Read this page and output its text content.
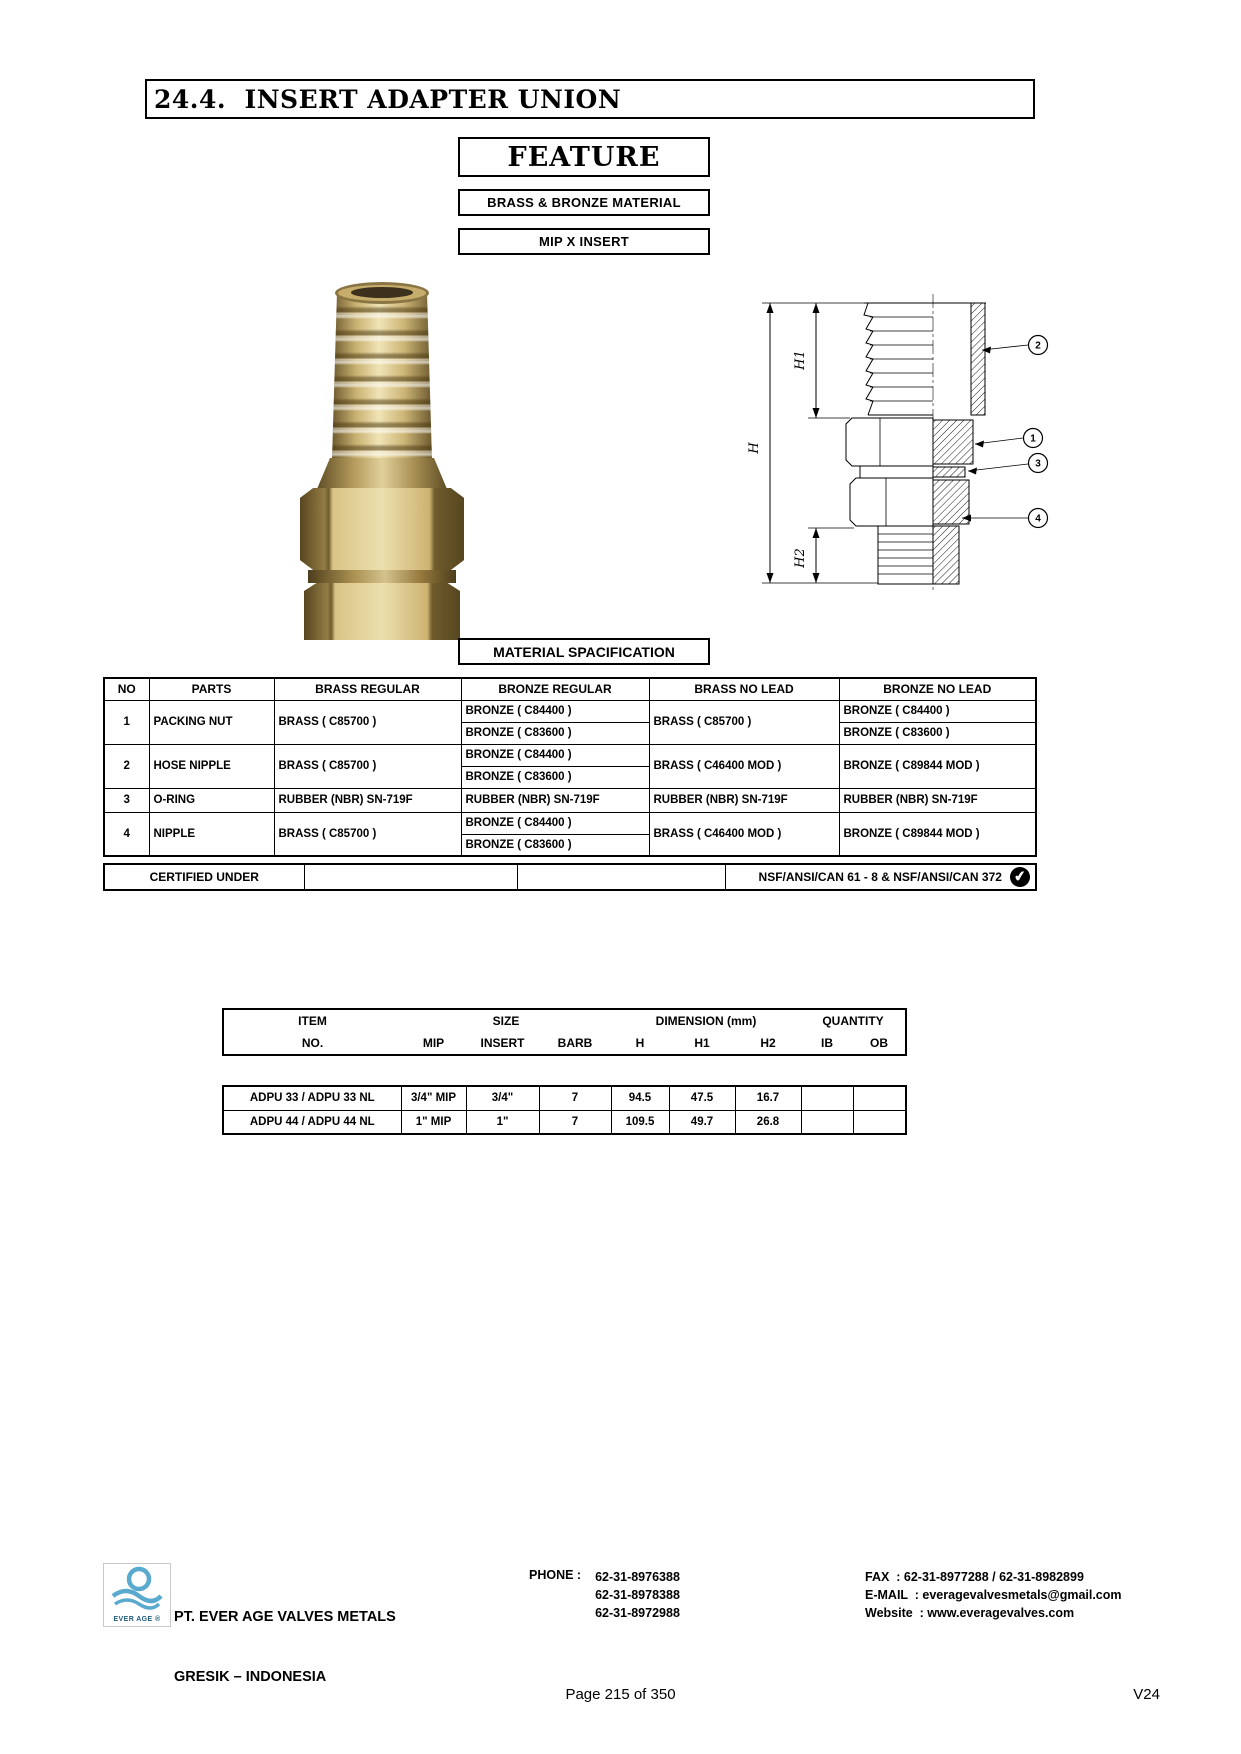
24.4.  INSERT ADAPTER UNION
FEATURE
BRASS & BRONZE MATERIAL
MIP X INSERT
H
H1
H2
2
1
3
4
MATERIAL SPACIFICATION
NO	PARTS	BRASS REGULAR	BRONZE REGULAR	BRASS NO LEAD	BRONZE NO LEAD
1	PACKING NUT	BRASS ( C85700 )	BRONZE ( C84400 )	BRASS ( C85700 )	BRONZE ( C84400 )
			BRONZE ( C83600 )		BRONZE ( C83600 )
2	HOSE NIPPLE	BRASS ( C85700 )	BRONZE ( C84400 )	BRASS ( C46400 MOD )	BRONZE ( C89844 MOD )
			BRONZE ( C83600 )		
3	O-RING	RUBBER (NBR) SN-719F	RUBBER (NBR) SN-719F	RUBBER (NBR) SN-719F	RUBBER (NBR) SN-719F
4	NIPPLE	BRASS ( C85700 )	BRONZE ( C84400 )	BRASS ( C46400 MOD )	BRONZE ( C89844 MOD )
			BRONZE ( C83600 )		
CERTIFIED UNDER			NSF/ANSI/CAN 61 - 8 & NSF/ANSI/CAN 372 ✔
ITEM	SIZE			DIMENSION (mm)			QUANTITY	
NO.	MIP	INSERT	BARB	H	H1	H2	IB	OB
ADPU 33 / ADPU 33 NL	3/4" MIP	3/4"	7	94.5	47.5	16.7		
ADPU 44 / ADPU 44 NL	1" MIP	1"	7	109.5	49.7	26.8		
EVER AGE ®

PT. EVER AGE VALVES METALS

GRESIK – INDONESIA

PHONE : 62-31-8976388
62-31-8978388
62-31-8972988
FAX  : 62-31-8977288 / 62-31-8982899
E-MAIL  : everagevalvesmetals@gmail.com
Website  : www.everagevalves.com
Page 215 of 350	V24
